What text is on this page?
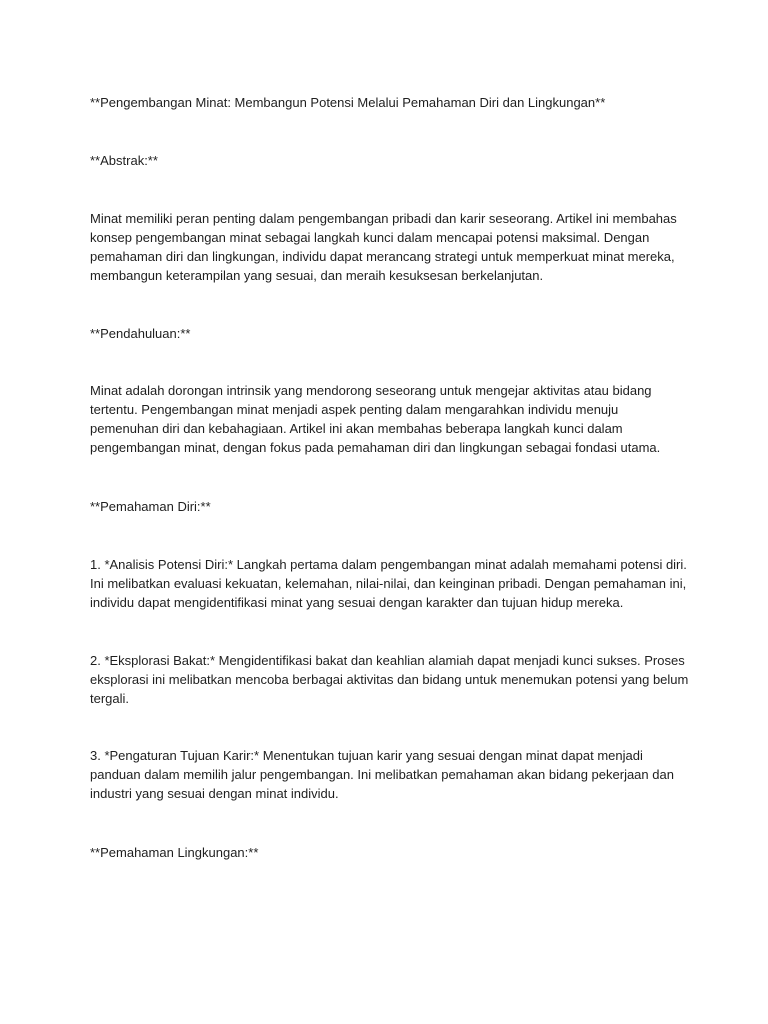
**Pengembangan Minat: Membangun Potensi Melalui Pemahaman Diri dan Lingkungan**

**Abstrak:**

Minat memiliki peran penting dalam pengembangan pribadi dan karir seseorang. Artikel ini membahas
konsep pengembangan minat sebagai langkah kunci dalam mencapai potensi maksimal. Dengan
pemahaman diri dan lingkungan, individu dapat merancang strategi untuk memperkuat minat mereka,
membangun keterampilan yang sesuai, dan meraih kesuksesan berkelanjutan.

**Pendahuluan:**

Minat adalah dorongan intrinsik yang mendorong seseorang untuk mengejar aktivitas atau bidang
tertentu. Pengembangan minat menjadi aspek penting dalam mengarahkan individu menuju
pemenuhan diri dan kebahagiaan. Artikel ini akan membahas beberapa langkah kunci dalam
pengembangan minat, dengan fokus pada pemahaman diri dan lingkungan sebagai fondasi utama.

**Pemahaman Diri:**

1. *Analisis Potensi Diri:* Langkah pertama dalam pengembangan minat adalah memahami potensi diri.
Ini melibatkan evaluasi kekuatan, kelemahan, nilai-nilai, dan keinginan pribadi. Dengan pemahaman ini,
individu dapat mengidentifikasi minat yang sesuai dengan karakter dan tujuan hidup mereka.
2. *Eksplorasi Bakat:* Mengidentifikasi bakat dan keahlian alamiah dapat menjadi kunci sukses. Proses
eksplorasi ini melibatkan mencoba berbagai aktivitas dan bidang untuk menemukan potensi yang belum
tergali.
3. *Pengaturan Tujuan Karir:* Menentukan tujuan karir yang sesuai dengan minat dapat menjadi
panduan dalam memilih jalur pengembangan. Ini melibatkan pemahaman akan bidang pekerjaan dan
industri yang sesuai dengan minat individu.

**Pemahaman Lingkungan:**
